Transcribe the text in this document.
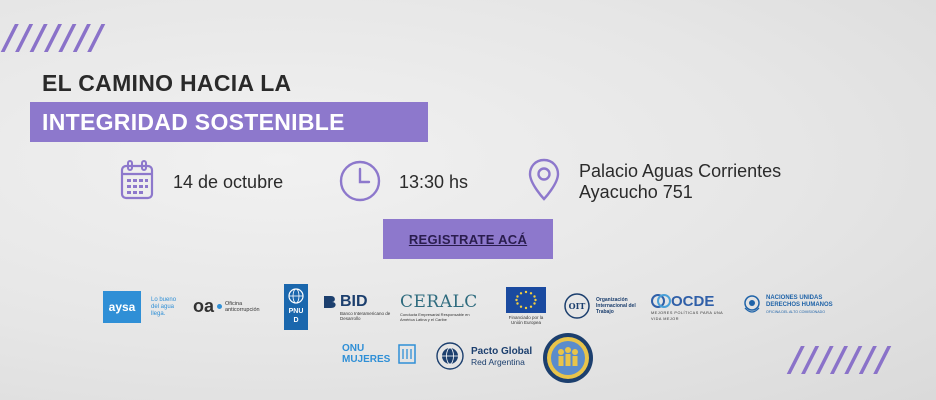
///////
///////
EL CAMINO HACIA LA
INTEGRIDAD SOSTENIBLE
14 de octubre	13:30 hs
Palacio Aguas Corrientes
Ayacucho 751
REGISTRATE ACÁ
aysa
Lo bueno del agua llega.	oa Oficina anticorrupción	PNUD
BID
Banco Interamericano de Desarrollo
CERALC
Conducta Empresarial Responsable en América Latina y el Caribe	Financiado por la Unión Europea
OIT
Organización Internacional del Trabajo
OCDE
MEJORES POLÍTICAS PARA UNA VIDA MEJOR
NACIONES UNIDAS DERECHOS HUMANOS
OFICINA DEL ALTO COMISIONADO
ONU MUJERES
Pacto Global
Red Argentina
